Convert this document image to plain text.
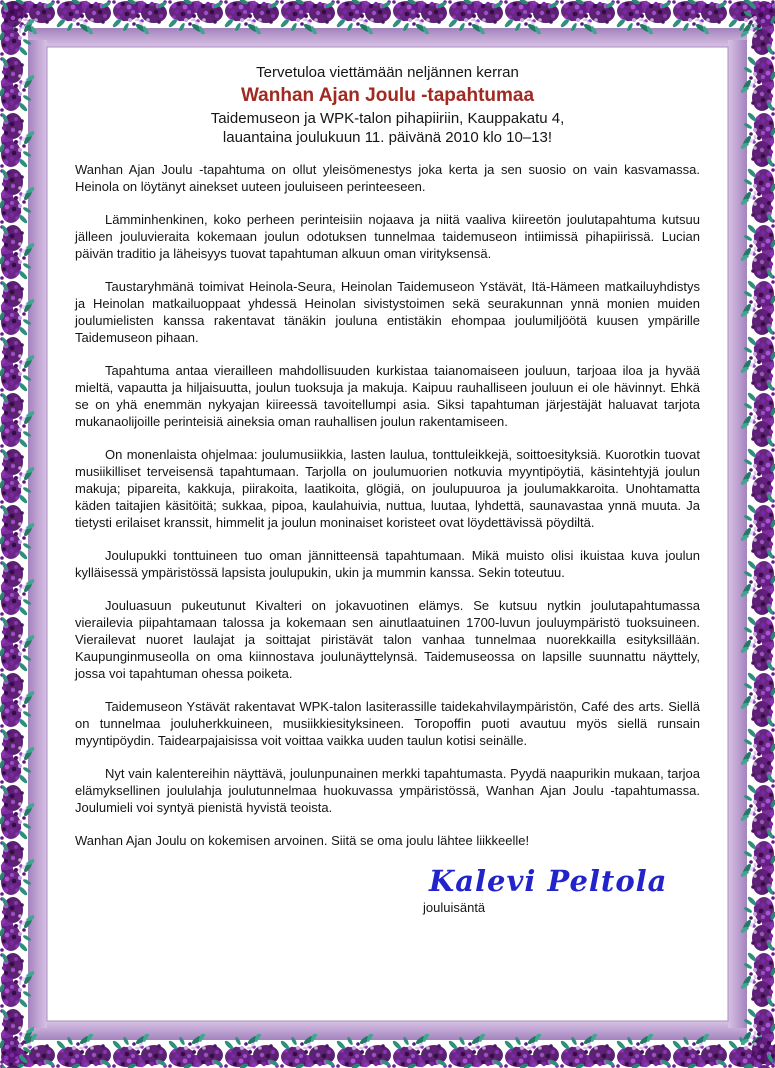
Tervetuloa viettämään neljännen kerran

Wanhan Ajan Joulu -tapahtumaa

Taidemuseon ja WPK-talon pihapiiriin, Kauppakatu 4,

lauantaina joulukuun 11. päivänä 2010 klo 10–13!

Wanhan Ajan Joulu -tapahtuma on ollut yleisömenestys joka kerta ja sen suosio on vain kasvamassa. Heinola on löytänyt ainekset uuteen jouluiseen perinteeseen.

Lämminhenkinen, koko perheen perinteisiin nojaava ja niitä vaaliva kiireetön joulutapahtuma kutsuu jälleen jouluvieraita kokemaan joulun odotuksen tunnelmaa taidemuseon intiimissä pihapiirissä. Lucian päivän traditio ja läheisyys tuovat tapahtuman alkuun oman virityksensä.

Taustaryhmänä toimivat Heinola-Seura, Heinolan Taidemuseon Ystävät, Itä-Hämeen matkailuyhdistys ja Heinolan matkailuoppaat yhdessä Heinolan sivistystoimen sekä seurakunnan ynnä monien muiden joulumielisten kanssa rakentavat tänäkin jouluna entistäkin ehompaa joulumiljöötä kuusen ympärille Taidemuseon pihaan.

Tapahtuma antaa vierailleen mahdollisuuden kurkistaa taianomaiseen jouluun, tarjoaa iloa ja hyvää mieltä, vapautta ja hiljaisuutta, joulun tuoksuja ja makuja. Kaipuu rauhalliseen jouluun ei ole hävinnyt. Ehkä se on yhä enemmän nykyajan kiireessä tavoitellumpi asia. Siksi tapahtuman järjestäjät haluavat tarjota mukanaolijoille perinteisiä aineksia oman rauhallisen joulun rakentamiseen.

On monenlaista ohjelmaa: joulumusiikkia, lasten laulua, tonttuleikkejä, soittoesityksiä. Kuorotkin tuovat musiikilliset terveisensä tapahtumaan. Tarjolla on joulumuorien notkuvia myyntipöytiä, käsintehtyjä joulun makuja; pipareita, kakkuja, piirakoita, laatikoita, glögiä, on joulupuuroa ja joulumakkaroita. Unohtamatta käden taitajien käsitöitä; sukkaa, pipoa, kaulahuivia, nuttua, luutaa, lyhdettä, saunavastaa ynnä muuta. Ja tietysti erilaiset kranssit, himmelit ja joulun moninaiset koristeet ovat löydettävissä pöydiltä.

Joulupukki tonttuineen tuo oman jännitteensä tapahtumaan. Mikä muisto olisi ikuistaa kuva joulun kylläisessä ympäristössä lapsista joulupukin, ukin ja mummin kanssa. Sekin toteutuu.

Jouluasuun pukeutunut Kivalteri on jokavuotinen elämys. Se kutsuu nytkin joulutapahtumassa vierailevia piipahtamaan talossa ja kokemaan sen ainutlaatuinen 1700-luvun jouluympäristö tuoksuineen. Vierailevat nuoret laulajat ja soittajat piristävät talon vanhaa tunnelmaa nuorekkailla esityksillään. Kaupunginmuseolla on oma kiinnostava joulunäyttelynsä. Taidemuseossa on lapsille suunnattu näyttely, jossa voi tapahtuman ohessa poiketa.

Taidemuseon Ystävät rakentavat WPK-talon lasiterassille taidekahvilaympäristön, Café des arts. Siellä on tunnelmaa jouluherkkuineen, musiikkiesityksineen. Toropoffin puoti avautuu myös siellä runsain myyntipöydin. Taidearpajaisissa voit voittaa vaikka uuden taulun kotisi seinälle.

Nyt vain kalentereihin näyttävä, joulunpunainen merkki tapahtumasta. Pyydä naapurikin mukaan, tarjoa elämyksellinen joululahja joulutunnelmaa huokuvassa ympäristössä, Wanhan Ajan Joulu -tapahtumassa. Joulumieli voi syntyä pienistä hyvistä teoista.

Wanhan Ajan Joulu on kokemisen arvoinen. Siitä se oma joulu lähtee liikkeelle!

Kalevi Peltola
jouluisäntä
